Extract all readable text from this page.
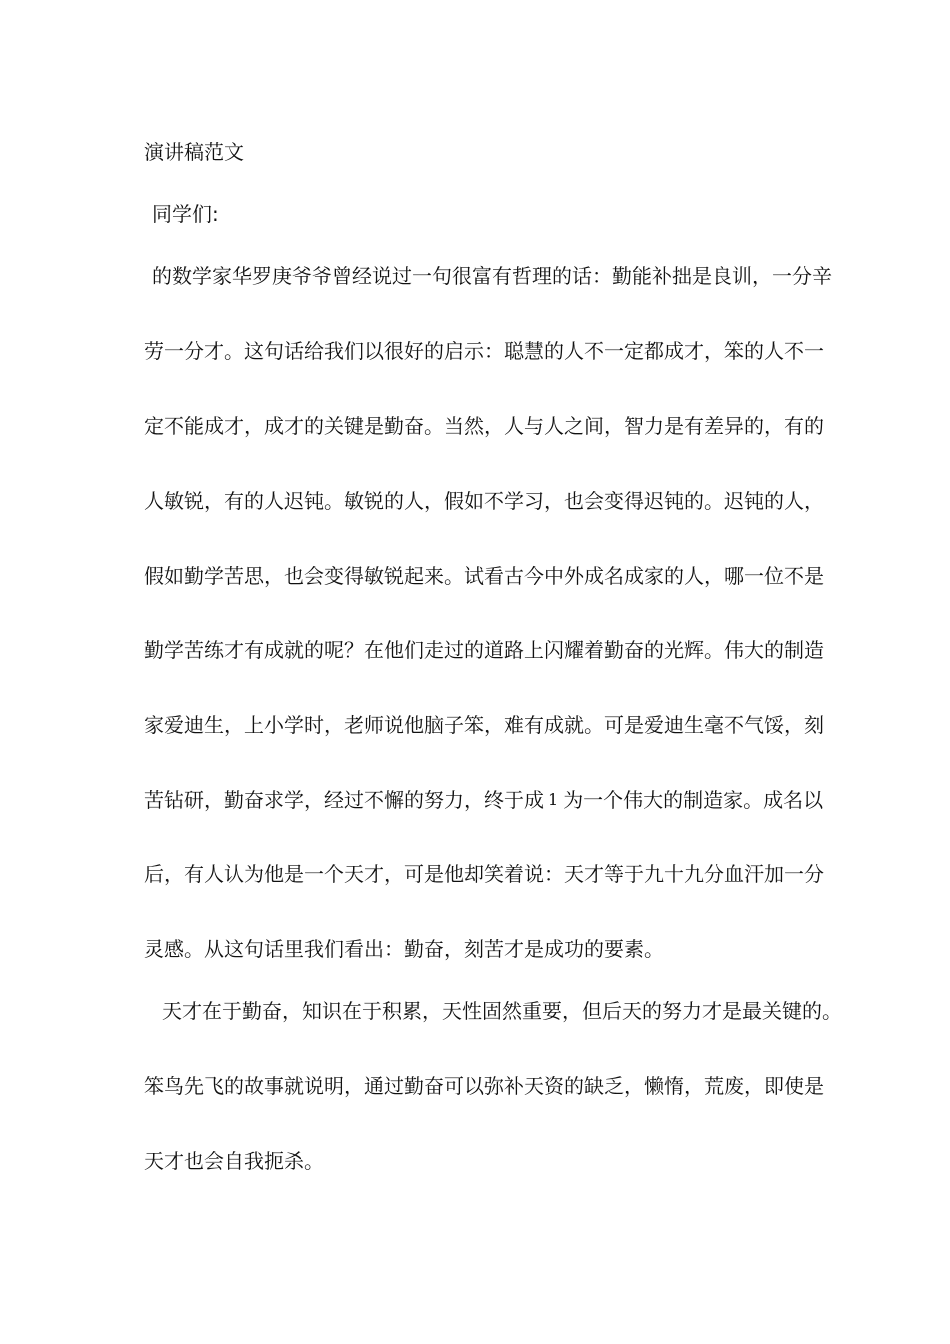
演讲稿范文
同学们:
的数学家华罗庚爷爷曾经说过一句很富有哲理的话：勤能补拙是良训，一分辛
劳一分才。这句话给我们以很好的启示：聪慧的人不一定都成才，笨的人不一
定不能成才，成才的关键是勤奋。当然，人与人之间，智力是有差异的，有的
人敏锐，有的人迟钝。敏锐的人，假如不学习，也会变得迟钝的。迟钝的人，
假如勤学苦思，也会变得敏锐起来。试看古今中外成名成家的人，哪一位不是
勤学苦练才有成就的呢？在他们走过的道路上闪耀着勤奋的光辉。伟大的制造
家爱迪生，上小学时，老师说他脑子笨，难有成就。可是爱迪生毫不气馁，刻
苦钻研，勤奋求学，经过不懈的努力，终于成 1 为一个伟大的制造家。成名以
后，有人认为他是一个天才，可是他却笑着说：天才等于九十九分血汗加一分
灵感。从这句话里我们看出：勤奋，刻苦才是成功的要素。
天才在于勤奋，知识在于积累，天性固然重要，但后天的努力才是最关键的。
笨鸟先飞的故事就说明，通过勤奋可以弥补天资的缺乏，懒惰，荒废，即使是
天才也会自我扼杀。
